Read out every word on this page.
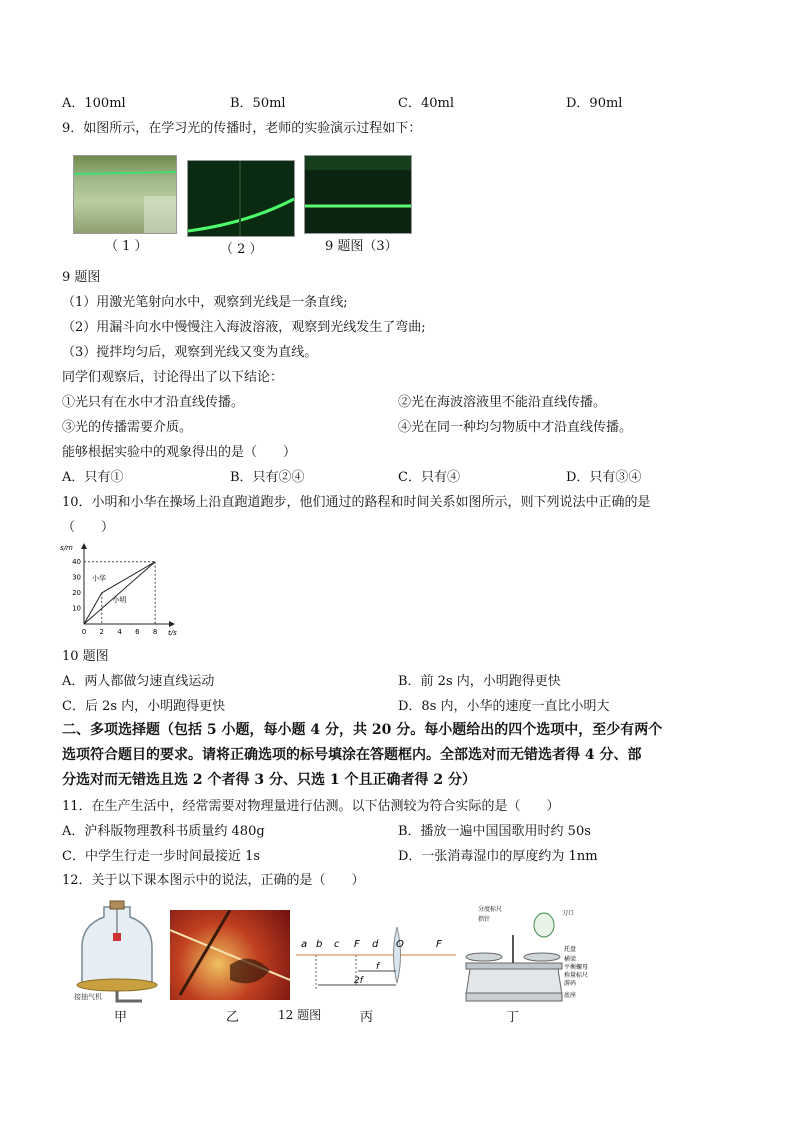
A．100ml	B．50ml	C．40ml	D．90ml
9．如图所示，在学习光的传播时，老师的实验演示过程如下：
（ 1 ）	（ 2 ）	9 题图（3）
9 题图
（1）用激光笔射向水中，观察到光线是一条直线;
（2）用漏斗向水中慢慢注入海波溶液，观察到光线发生了弯曲;
（3）搅拌均匀后，观察到光线又变为直线。
同学们观察后，讨论得出了以下结论：
①光只有在水中才沿直线传播。	②光在海波溶液里不能沿直线传播。
③光的传播需要介质。	④光在同一种均匀物质中才沿直线传播。
能够根据实验中的观象得出的是（　　）
A．只有①	B．只有②④	C．只有④	D．只有③④
10．小明和小华在操场上沿直跑道跑步，他们通过的路程和时间关系如图所示，则下列说法中正确的是
（　　）
0 2 4 6 8
10
20
30
40
t/s
s/m
小华
小明
10 题图
A．两人都做匀速直线运动	B．前 2s 内，小明跑得更快
C．后 2s 内，小明跑得更快	D．8s 内，小华的速度一直比小明大
二、多项选择题（包括 5 小题，每小题 4 分，共 20 分。每小题给出的四个选项中，至少有两个
选项符合题目的要求。请将正确选项的标号填涂在答题框内。全部选对而无错选者得 4 分、部
分选对而无错选且选 2 个者得 3 分、只选 1 个且正确者得 2 分）
11．在生产生活中，经常需要对物理量进行估测。以下估测较为符合实际的是（　　）
A．沪科版物理教科书质量约 480g	B．播放一遍中国国歌用时约 50s
C．中学生行走一步时间最接近 1s	D．一张消毒湿巾的厚度约为 1nm
12．关于以下课本图示中的说法，正确的是（　　）
接抽气机
甲	乙	12 题图
a b c F d O	F
f
2f
丙
分度标尺
指针
刀口
托盘
横梁
平衡螺母
称量标尺
游码
底座
丁
